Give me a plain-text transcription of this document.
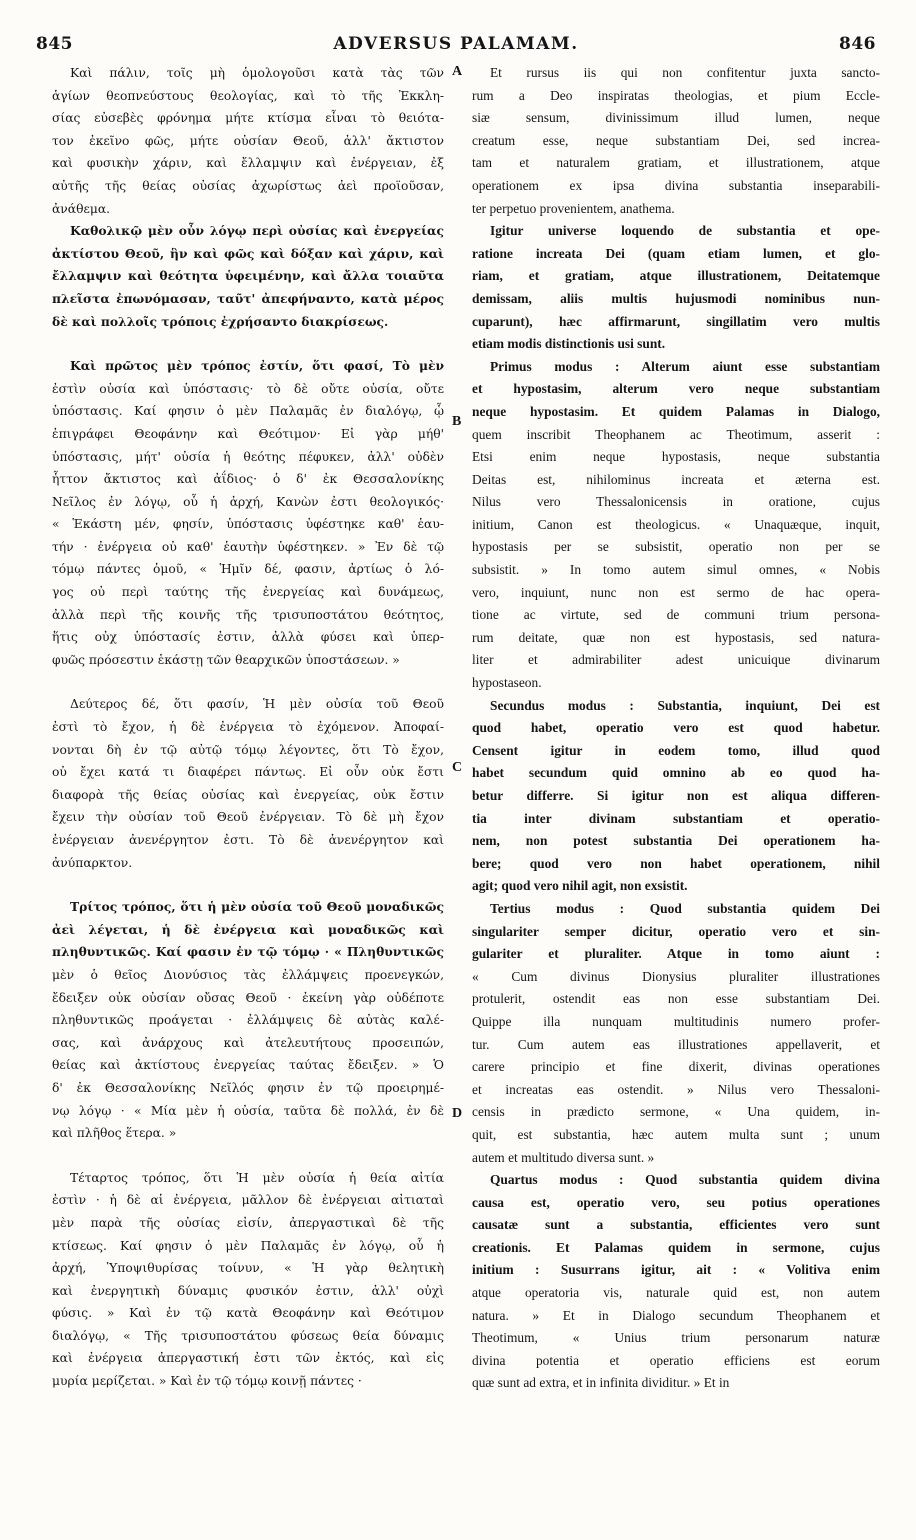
845	ADVERSUS PALAMAM.	846
Καὶ πάλιν, τοῖς μὴ ὁμολογοῦσι κατὰ τὰς τῶν
ἁγίων θεοπνεύστους θεολογίας, καὶ τὸ τῆς Ἐκκλη-
σίας εὐσεβὲς φρόνημα μήτε κτίσμα εἶναι τὸ θειότα-
τον ἐκεῖνο φῶς, μήτε οὐσίαν Θεοῦ, ἀλλ' ἄκτιστον
καὶ φυσικὴν χάριν, καὶ ἔλλαμψιν καὶ ἐνέργειαν, ἐξ
αὐτῆς τῆς θείας οὐσίας ἀχωρίστως ἀεὶ προϊοῦσαν,
ἀνάθεμα.
Καθολικῷ μὲν οὖν λόγῳ περὶ οὐσίας καὶ ἐνεργείας
ἀκτίστου Θεοῦ, ἣν καὶ φῶς καὶ δόξαν καὶ χάριν, καὶ
ἔλλαμψιν καὶ θεότητα ὑφειμένην, καὶ ἄλλα τοιαῦτα
πλεῖστα ἐπωνόμασαν, ταῦτ' ἀπεφήναντο, κατὰ μέρος
δὲ καὶ πολλοῖς τρόποις ἐχρήσαντο διακρίσεως.
Καὶ πρῶτος μὲν τρόπος ἐστίν, ὅτι φασί, Τὸ μὲν
ἐστὶν οὐσία καὶ ὑπόστασις· τὸ δὲ οὔτε οὐσία, οὔτε
ὑπόστασις. Καί φησιν ὁ μὲν Παλαμᾶς ἐν διαλόγῳ, ᾧ
ἐπιγράφει Θεοφάνην καὶ Θεότιμον· Εἰ γὰρ μήθ'
ὑπόστασις, μήτ' οὐσία ἡ θεότης πέφυκεν, ἀλλ' οὐδὲν
ἧττον ἄκτιστος καὶ ἀΐδιος· ὁ δ' ἐκ Θεσσαλονίκης
Νεῖλος ἐν λόγῳ, οὗ ἡ ἀρχή, Κανὼν ἐστι θεολογικός·
« Ἑκάστη μέν, φησίν, ὑπόστασις ὑφέστηκε καθ' ἑαυ-
τήν · ἐνέργεια οὐ καθ' ἑαυτὴν ὑφέστηκεν. » Ἐν δὲ τῷ
τόμῳ πάντες ὁμοῦ, « Ἡμῖν δέ, φασιν, ἀρτίως ὁ λό-
γος οὐ περὶ ταύτης τῆς ἐνεργείας καὶ δυνάμεως,
ἀλλὰ περὶ τῆς κοινῆς τῆς τρισυποστάτου θεότητος,
ἥτις οὐχ ὑπόστασίς ἐστιν, ἀλλὰ φύσει καὶ ὑπερ-
φυῶς πρόσεστιν ἑκάστῃ τῶν θεαρχικῶν ὑποστάσεων. »
Δεύτερος δέ, ὅτι φασίν, Ἡ μὲν οὐσία τοῦ Θεοῦ
ἐστὶ τὸ ἔχον, ἡ δὲ ἐνέργεια τὸ ἐχόμενον. Ἀποφαί-
νονται δὴ ἐν τῷ αὐτῷ τόμῳ λέγοντες, ὅτι Τὸ ἔχον,
οὐ ἔχει κατά τι διαφέρει πάντως. Εἰ οὖν οὐκ ἔστι
διαφορὰ τῆς θείας οὐσίας καὶ ἐνεργείας, οὐκ ἔστιν
ἔχειν τὴν οὐσίαν τοῦ Θεοῦ ἐνέργειαν. Τὸ δὲ μὴ ἔχον
ἐνέργειαν ἀνενέργητον ἐστι. Τὸ δὲ ἀνενέργητον καὶ
ἀνύπαρκτον.
Τρίτος τρόπος, ὅτι ἡ μὲν οὐσία τοῦ Θεοῦ μοναδικῶς
ἀεὶ λέγεται, ἡ δὲ ἐνέργεια καὶ μοναδικῶς καὶ
πληθυντικῶς. Καί φασιν ἐν τῷ τόμῳ · « Πληθυντικῶς
μὲν ὁ θεῖος Διονύσιος τὰς ἐλλάμψεις προενεγκών,
ἔδειξεν οὐκ οὐσίαν οὔσας Θεοῦ · ἐκείνη γὰρ οὐδέποτε
πληθυντικῶς προάγεται · ἐλλάμψεις δὲ αὐτὰς καλέ-
σας, καὶ ἀνάρχους καὶ ἀτελευτήτους προσειπών,
θείας καὶ ἀκτίστους ἐνεργείας ταύτας ἔδειξεν. » Ὁ
δ' ἐκ Θεσσαλονίκης Νεῖλός φησιν ἐν τῷ προειρημέ-
νῳ λόγῳ · « Μία μὲν ἡ οὐσία, ταῦτα δὲ πολλά, ἐν δὲ
καὶ πλῆθος ἕτερα. »
Τέταρτος τρόπος, ὅτι Ἡ μὲν οὐσία ἡ θεία αἰτία
ἐστὶν · ἡ δὲ αἱ ἐνέργεια, μᾶλλον δὲ ἐνέργειαι αἰτιαταὶ
μὲν παρὰ τῆς οὐσίας εἰσίν, ἀπεργαστικαὶ δὲ τῆς
κτίσεως. Καί φησιν ὁ μὲν Παλαμᾶς ἐν λόγῳ, οὗ ἡ
ἀρχή, Ὑποψιθυρίσας τοίνυν, « Ἡ γὰρ θελητικὴ
καὶ ἐνεργητικὴ δύναμις φυσικόν ἐστιν, ἀλλ' οὐχὶ
φύσις. » Καὶ ἐν τῷ κατὰ Θεοφάνην καὶ Θεότιμον
διαλόγῳ, « Τῆς τρισυποστάτου φύσεως θεία δύναμις
καὶ ἐνέργεια ἀπεργαστική ἐστι τῶν ἐκτός, καὶ εἰς
μυρία μερίζεται. » Καὶ ἐν τῷ τόμῳ κοινῇ πάντες ·
Et rursus iis qui non confitentur juxta sancto-
rum a Deo inspiratas theologias, et pium Eccle-
siæ sensum, divinissimum illud lumen, neque
creatum esse, neque substantiam Dei, sed increa-
tam et naturalem gratiam, et illustrationem, atque
operationem ex ipsa divina substantia inseparabili-
ter perpetuo provenientem, anathema.
Igitur universe loquendo de substantia et ope-
ratione increata Dei (quam etiam lumen, et glo-
riam, et gratiam, atque illustrationem, Deitatemque
demissam, aliis multis hujusmodi nominibus nun-
cuparunt), hæc affirmarunt, singillatim vero multis
etiam modis distinctionis usi sunt.
Primus modus : Alterum aiunt esse substantiam
et hypostasim, alterum vero neque substantiam
neque hypostasim. Et quidem Palamas in Dialogo,
quem inscribit Theophanem ac Theotimum, asserit :
Etsi enim neque hypostasis, neque substantia
Deitas est, nihilominus increata et æterna est.
Nilus vero Thessalonicensis in oratione, cujus
initium, Canon est theologicus. « Unaquæque, inquit,
hypostasis per se subsistit, operatio non per se
subsistit. » In tomo autem simul omnes, « Nobis
vero, inquiunt, nunc non est sermo de hac opera-
tione ac virtute, sed de communi trium persona-
rum deitate, quæ non est hypostasis, sed natura-
liter et admirabiliter adest unicuique divinarum
hypostaseon.
Secundus modus : Substantia, inquiunt, Dei est
quod habet, operatio vero est quod habetur.
Censent igitur in eodem tomo, illud quod
habet secundum quid omnino ab eo quod ha-
betur differre. Si igitur non est aliqua differen-
tia inter divinam substantiam et operatio-
nem, non potest substantia Dei operationem ha-
bere; quod vero non habet operationem, nihil
agit; quod vero nihil agit, non exsistit.
Tertius modus : Quod substantia quidem Dei
singulariter semper dicitur, operatio vero et sin-
gulariter et pluraliter. Atque in tomo aiunt :
« Cum divinus Dionysius pluraliter illustrationes
protulerit, ostendit eas non esse substantiam Dei.
Quippe illa nunquam multitudinis numero profer-
tur. Cum autem eas illustrationes appellaverit, et
carere principio et fine dixerit, divinas operationes
et increatas eas ostendit. » Nilus vero Thessaloni-
censis in prædicto sermone, « Una quidem, in-
quit, est substantia, hæc autem multa sunt ; unum
autem et multitudo diversa sunt. »
Quartus modus : Quod substantia quidem divina
causa est, operatio vero, seu potius operationes
causatæ sunt a substantia, efficientes vero sunt
creationis. Et Palamas quidem in sermone, cujus
initium : Susurrans igitur, ait : « Volitiva enim
atque operatoria vis, naturale quid est, non autem
natura. » Et in Dialogo secundum Theophanem et
Theotimum, « Unius trium personarum naturæ
divina potentia et operatio efficiens est eorum
quæ sunt ad extra, et in infinita dividitur. » Et in
A
B
C
D
